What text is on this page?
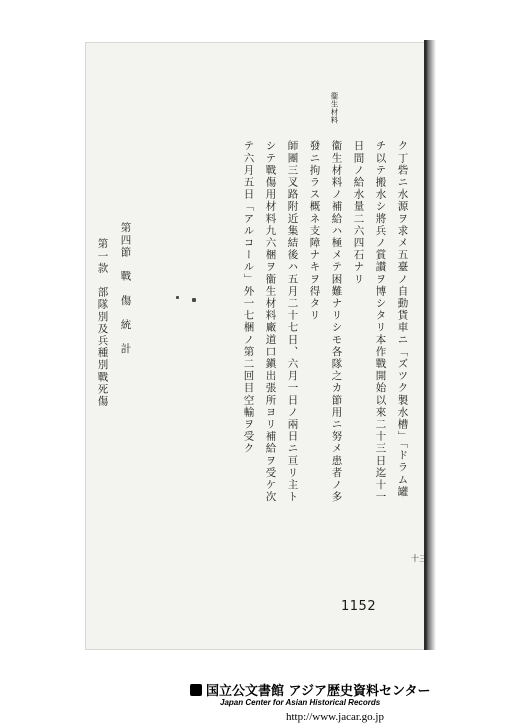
衞生材料
ク丁砦ニ水源ヲ求メ五臺ノ自動貨車ニ「ズツク製水槽」「ドラム罐
チ以テ搬水シ將兵ノ賞讃ヲ博シタリ本作戰開始以來二十三日迄十一
日間ノ給水量二六四石ナリ
衞生材料ノ補給ハ極メテ困難ナリシモ各隊之カ節用ニ努メ患者ノ多
發ニ拘ラス概ネ支障ナキヲ得タリ
師團三叉路附近集結後ハ五月二十七日、六月一日ノ兩日ニ亘リ主ト
シテ戰傷用材料九六梱ヲ衞生材料廠道口鎭出張所ヨリ補給ヲ受ケ次
テ六月五日「アルコール」外一七梱ノ第二回目空輸ヲ受ク
第四節　戰　傷　統　計
第一款　部隊別及兵種別戰死傷
十三
1152
国立公文書館 アジア歴史資料センター
Japan Center for Asian Historical Records
http://www.jacar.go.jp
